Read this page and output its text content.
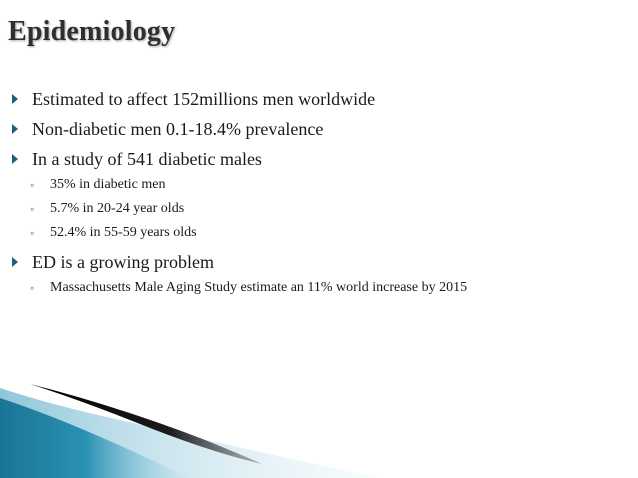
Epidemiology
Estimated to affect 152millions men worldwide
Non-diabetic men 0.1-18.4% prevalence
In a study of 541 diabetic males
◦ 35% in diabetic men
◦ 5.7% in 20-24 year olds
◦ 52.4% in 55-59 years olds
ED is a growing problem
◦ Massachusetts Male Aging Study estimate an 11% world increase by 2015
